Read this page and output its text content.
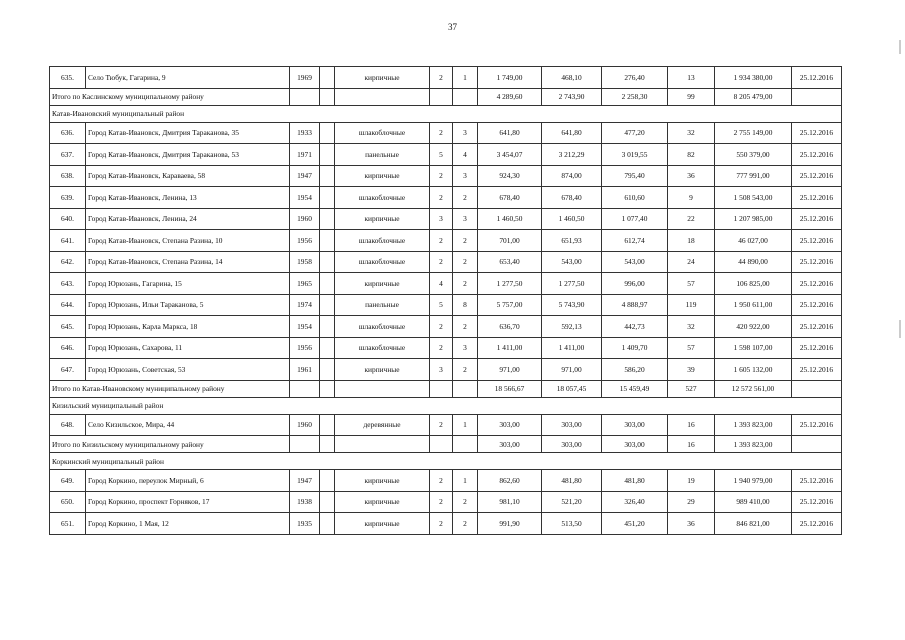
37
635.	Село Тюбук, Гагарина, 9	1969		кирпичные	2	1	1 749,00	468,10	276,40	13	1 934 380,00	25.12.2016
Итого по Каслинскому муниципальному району							4 289,60	2 743,90	2 258,30	99	8 205 479,00	
Катав-Ивановский муниципальный район												
636.	Город Катав-Ивановск, Дмитрия Тараканова, 35	1933		шлакоблочные	2	3	641,80	641,80	477,20	32	2 755 149,00	25.12.2016
637.	Город Катав-Ивановск, Дмитрия Тараканова, 53	1971		панельные	5	4	3 454,07	3 212,29	3 019,55	82	550 379,00	25.12.2016
638.	Город Катав-Ивановск, Караваева, 58	1947		кирпичные	2	3	924,30	874,00	795,40	36	777 991,00	25.12.2016
639.	Город Катав-Ивановск, Ленина, 13	1954		шлакоблочные	2	2	678,40	678,40	610,60	9	1 508 543,00	25.12.2016
640.	Город Катав-Ивановск, Ленина, 24	1960		кирпичные	3	3	1 460,50	1 460,50	1 077,40	22	1 207 985,00	25.12.2016
641.	Город Катав-Ивановск, Степана Разина, 10	1956		шлакоблочные	2	2	701,00	651,93	612,74	18	46 027,00	25.12.2016
642.	Город Катав-Ивановск, Степана Разина, 14	1958		шлакоблочные	2	2	653,40	543,00	543,00	24	44 890,00	25.12.2016
643.	Город Юрюзань, Гагарина, 15	1965		кирпичные	4	2	1 277,50	1 277,50	996,00	57	106 825,00	25.12.2016
644.	Город Юрюзань, Ильи Тараканова, 5	1974		панельные	5	8	5 757,00	5 743,90	4 888,97	119	1 950 611,00	25.12.2016
645.	Город Юрюзань, Карла Маркса, 18	1954		шлакоблочные	2	2	636,70	592,13	442,73	32	420 922,00	25.12.2016
646.	Город Юрюзань, Сахарова, 11	1956		шлакоблочные	2	3	1 411,00	1 411,00	1 409,70	57	1 598 107,00	25.12.2016
647.	Город Юрюзань, Советская, 53	1961		кирпичные	3	2	971,00	971,00	586,20	39	1 605 132,00	25.12.2016
Итого по Катав-Ивановскому муниципальному району							18 566,67	18 057,45	15 459,49	527	12 572 561,00	
Кизильский муниципальный район												
648.	Село Кизильское, Мира, 44	1960		деревянные	2	1	303,00	303,00	303,00	16	1 393 823,00	25.12.2016
Итого по Кизильскому муниципальному району							303,00	303,00	303,00	16	1 393 823,00	
Коркинский муниципальный район												
649.	Город Коркино, переулок Мирный, 6	1947		кирпичные	2	1	862,60	481,80	481,80	19	1 940 979,00	25.12.2016
650.	Город Коркино, проспект Горняков, 17	1938		кирпичные	2	2	981,10	521,20	326,40	29	989 410,00	25.12.2016
651.	Город Коркино, 1 Мая, 12	1935		кирпичные	2	2	991,90	513,50	451,20	36	846 821,00	25.12.2016
